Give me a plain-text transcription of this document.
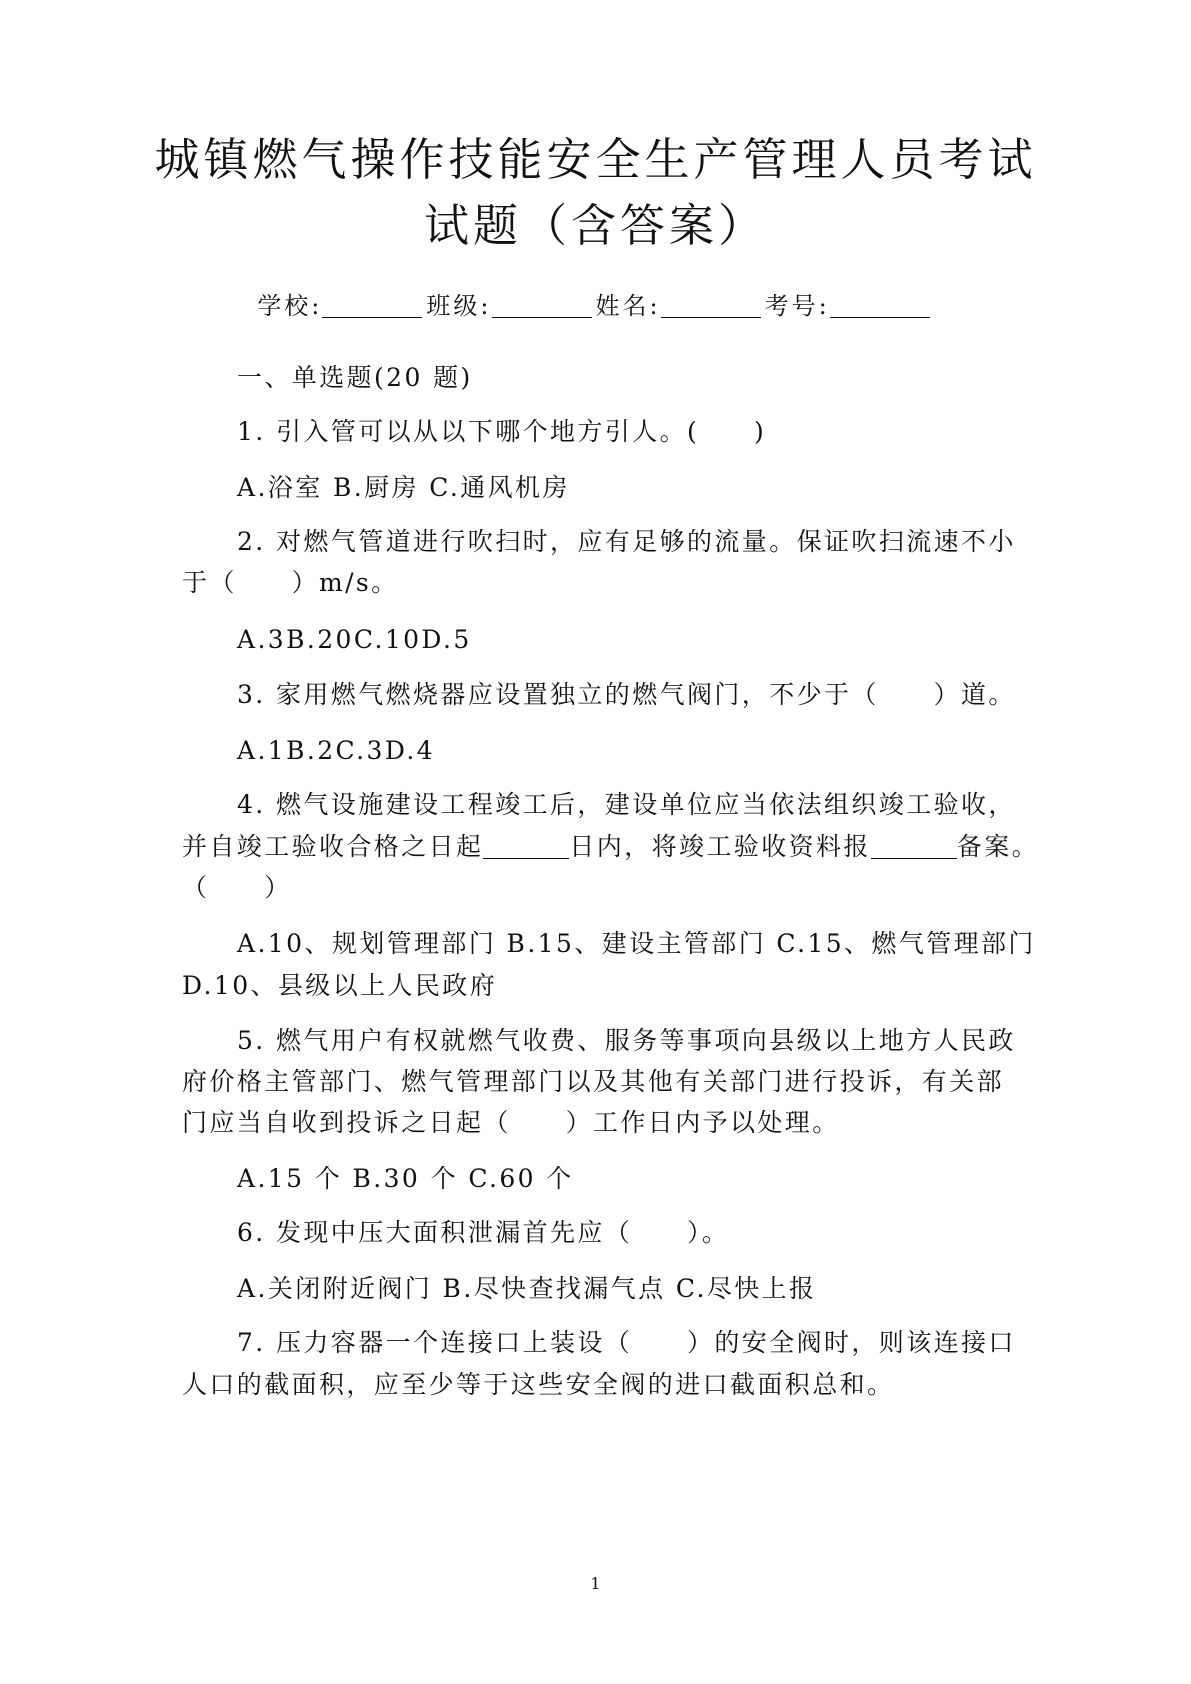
城镇燃气操作技能安全生产管理人员考试
试题（含答案）
学校:	班级:	姓名:	考号:
一、单选题(20 题)
1. 引入管可以从以下哪个地方引人。(　　)
A.浴室 B.厨房 C.通风机房
2. 对燃气管道进行吹扫时，应有足够的流量。保证吹扫流速不小
于（　　）m/s。
A.3B.20C.10D.5
3. 家用燃气燃烧器应设置独立的燃气阀门，不少于（　　）道。
A.1B.2C.3D.4
4. 燃气设施建设工程竣工后，建设单位应当依法组织竣工验收，
并自竣工验收合格之日起	日内，将竣工验收资料报	备案。
（　　）
A.10、规划管理部门 B.15、建设主管部门 C.15、燃气管理部门
D.10、县级以上人民政府
5. 燃气用户有权就燃气收费、服务等事项向县级以上地方人民政
府价格主管部门、燃气管理部门以及其他有关部门进行投诉，有关部
门应当自收到投诉之日起（　　）工作日内予以处理。
A.15 个 B.30 个 C.60 个
6. 发现中压大面积泄漏首先应（　　）。
A.关闭附近阀门 B.尽快查找漏气点 C.尽快上报
7. 压力容器一个连接口上装设（　　）的安全阀时，则该连接口
人口的截面积，应至少等于这些安全阀的进口截面积总和。
1
